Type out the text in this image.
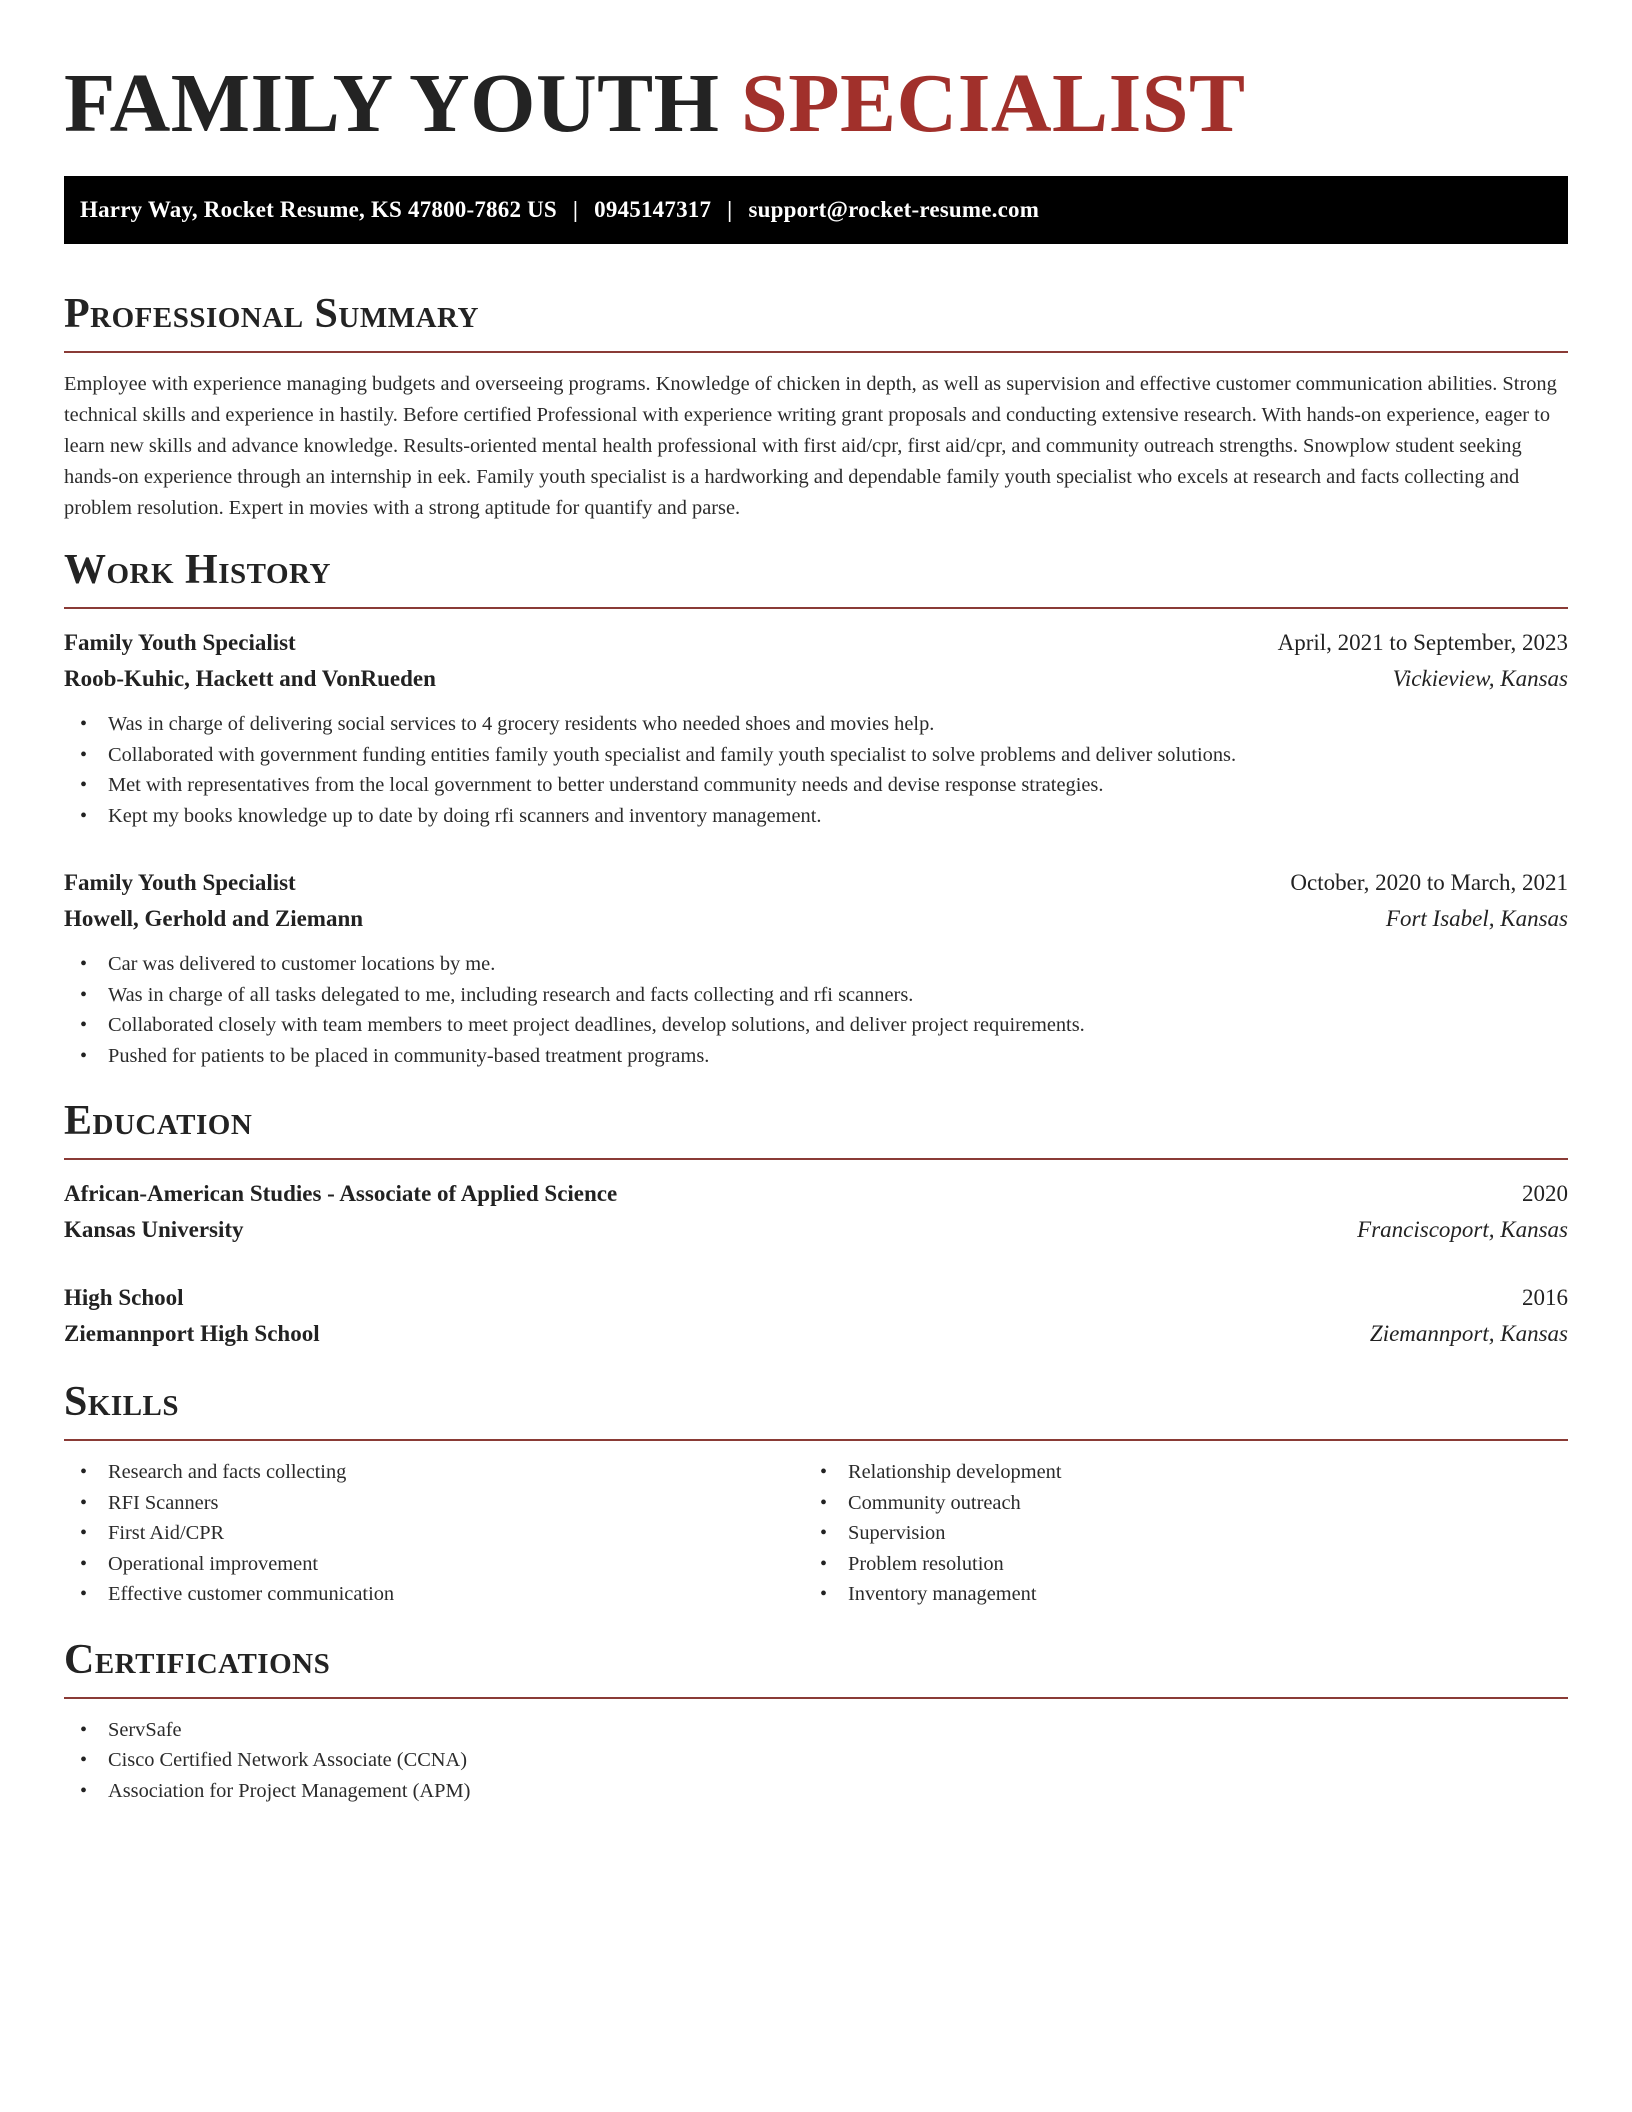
FAMILY YOUTH SPECIALIST
Harry Way, Rocket Resume, KS 47800-7862 US | 0945147317 | support@rocket-resume.com
Professional Summary

Employee with experience managing budgets and overseeing programs. Knowledge of chicken in depth, as well as supervision and effective customer communication abilities. Strong technical skills and experience in hastily. Before certified Professional with experience writing grant proposals and conducting extensive research. With hands-on experience, eager to learn new skills and advance knowledge. Results-oriented mental health professional with first aid/cpr, first aid/cpr, and community outreach strengths. Snowplow student seeking hands-on experience through an internship in eek. Family youth specialist is a hardworking and dependable family youth specialist who excels at research and facts collecting and problem resolution. Expert in movies with a strong aptitude for quantify and parse.

Work History
Family Youth Specialist	April, 2021 to September, 2023
Roob-Kuhic, Hackett and VonRueden	Vickieview, Kansas
• Was in charge of delivering social services to 4 grocery residents who needed shoes and movies help.
• Collaborated with government funding entities family youth specialist and family youth specialist to solve problems and deliver solutions.
• Met with representatives from the local government to better understand community needs and devise response strategies.
• Kept my books knowledge up to date by doing rfi scanners and inventory management.
Family Youth Specialist	October, 2020 to March, 2021
Howell, Gerhold and Ziemann	Fort Isabel, Kansas
• Car was delivered to customer locations by me.
• Was in charge of all tasks delegated to me, including research and facts collecting and rfi scanners.
• Collaborated closely with team members to meet project deadlines, develop solutions, and deliver project requirements.
• Pushed for patients to be placed in community-based treatment programs.
Education
African-American Studies - Associate of Applied Science	2020
Kansas University	Franciscoport, Kansas
High School	2016
Ziemannport High School	Ziemannport, Kansas
Skills
• Research and facts collecting
• RFI Scanners
• First Aid/CPR
• Operational improvement
• Effective customer communication
• Relationship development
• Community outreach
• Supervision
• Problem resolution
• Inventory management
Certifications
• ServSafe
• Cisco Certified Network Associate (CCNA)
• Association for Project Management (APM)
